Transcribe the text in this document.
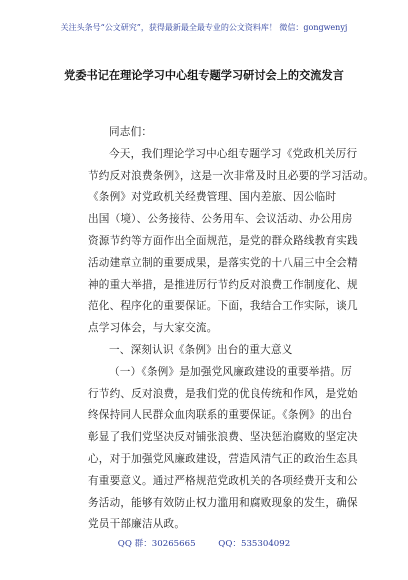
关注头条号“公文研究”，获得最新最全最专业的公文资料库！ 微信：gongwenyj
党委书记在理论学习中心组专题学习研讨会上的交流发言
同志们：
今天，我们理论学习中心组专题学习《党政机关厉行
节约反对浪费条例》，这是一次非常及时且必要的学习活动。
《条例》对党政机关经费管理、国内差旅、因公临时
出国（境）、公务接待、公务用车、会议活动、办公用房
资源节约等方面作出全面规范，是党的群众路线教育实践
活动建章立制的重要成果，是落实党的十八届三中全会精
神的重大举措，是推进厉行节约反对浪费工作制度化、规
范化、程序化的重要保证。下面，我结合工作实际，谈几
点学习体会，与大家交流。
一、深刻认识《条例》出台的重大意义
（一）《条例》是加强党风廉政建设的重要举措。厉
行节约、反对浪费，是我们党的优良传统和作风，是党始
终保持同人民群众血肉联系的重要保证。《条例》的出台
彰显了我们党坚决反对铺张浪费、坚决惩治腐败的坚定决
心，对于加强党风廉政建设，营造风清气正的政治生态具
有重要意义。通过严格规范党政机关的各项经费开支和公
务活动，能够有效防止权力滥用和腐败现象的发生，确保
党员干部廉洁从政。
QQ 群：30265665	QQ：535304092
